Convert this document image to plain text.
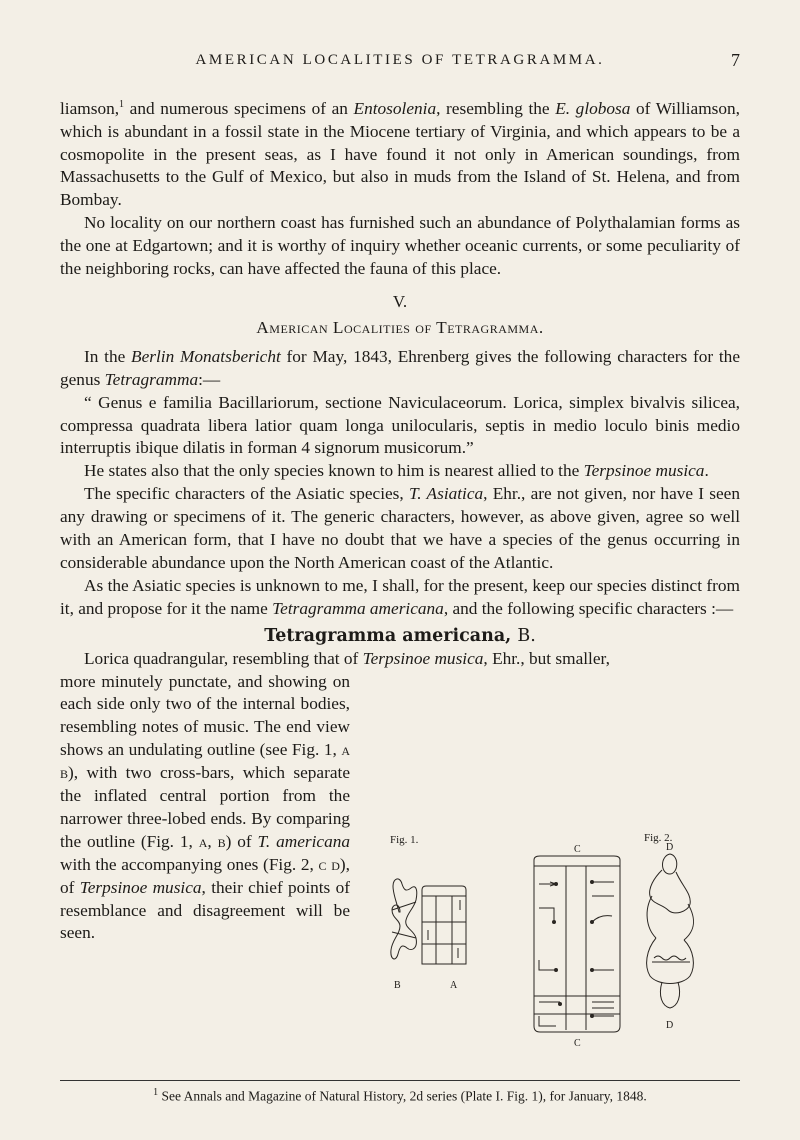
AMERICAN LOCALITIES OF TETRAGRAMMA.	7

liamson,$^1$ and numerous specimens of an Entosolenia, resembling the E. globosa of Williamson, which is abundant in a fossil state in the Miocene tertiary of Virginia, and which appears to be a cosmopolite in the present seas, as I have found it not only in American soundings, from Massachusetts to the Gulf of Mexico, but also in muds from the Island of St. Helena, and from Bombay.

No locality on our northern coast has furnished such an abundance of Polythalamian forms as the one at Edgartown; and it is worthy of inquiry whether oceanic currents, or some peculiarity of the neighboring rocks, can have affected the fauna of this place.

V.

American Localities of Tetragramma.

In the Berlin Monatsbericht for May, 1843, Ehrenberg gives the following characters for the genus Tetragramma:—

“ Genus e familia Bacillariorum, sectione Naviculaceorum. Lorica, simplex bivalvis silicea, compressa quadrata libera latior quam longa unilocularis, septis in medio loculo binis medio interruptis ibique dilatis in forman 4 signorum musicorum.”

He states also that the only species known to him is nearest allied to the Terpsinoe musica.

The specific characters of the Asiatic species, T. Asiatica, Ehr., are not given, nor have I seen any drawing or specimens of it. The generic characters, however, as above given, agree so well with an American form, that I have no doubt that we have a species of the genus occurring in considerable abundance upon the North American coast of the Atlantic.

As the Asiatic species is unknown to me, I shall, for the present, keep our species distinct from it, and propose for it the name Tetragramma americana, and the following specific characters :—

Tetragramma americana, B.

Lorica quadrangular, resembling that of Terpsinoe musica, Ehr., but smaller,

more minutely punctate, and showing on each side only two of the internal bodies, resembling notes of music. The end view shows an undulating outline (see Fig. 1, a b), with two cross-bars, which separate the inflated central portion from the narrower three-lobed ends. By comparing the outline (Fig. 1, a, b) of T. americana with the accompanying ones (Fig. 2, c d), of Terpsinoe musica, their chief points of resemblance and disagreement will be seen.

Fig. 1.	Fig. 2.
B	A
C
C
D
D
$^1$ See Annals and Magazine of Natural History, 2d series (Plate I. Fig. 1), for January, 1848.
